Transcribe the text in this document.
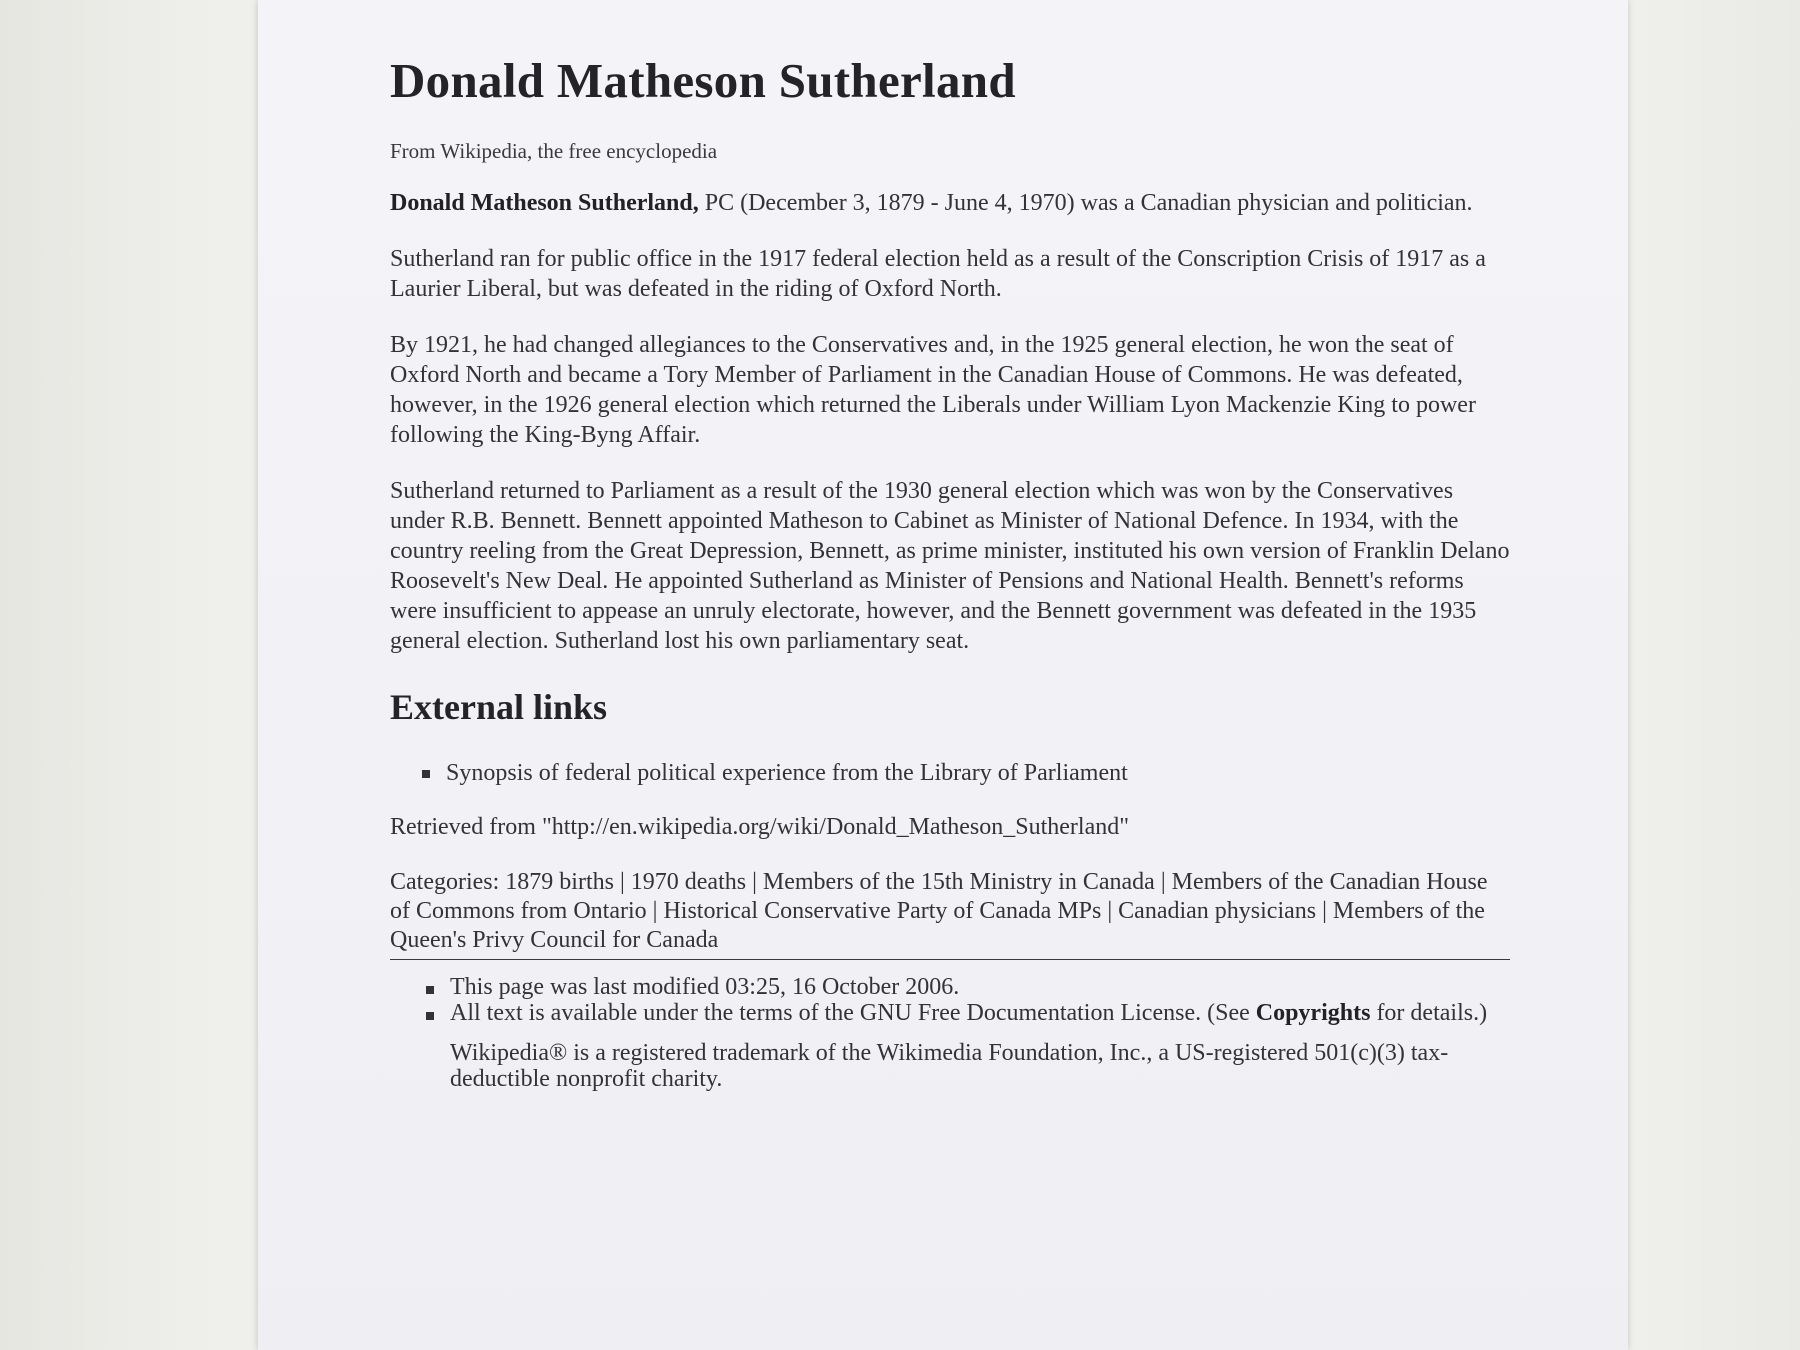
Donald Matheson Sutherland
From Wikipedia, the free encyclopedia

Donald Matheson Sutherland, PC (December 3, 1879 - June 4, 1970) was a Canadian physician and politician.

Sutherland ran for public office in the 1917 federal election held as a result of the Conscription Crisis of 1917 as a Laurier Liberal, but was defeated in the riding of Oxford North.

By 1921, he had changed allegiances to the Conservatives and, in the 1925 general election, he won the seat of Oxford North and became a Tory Member of Parliament in the Canadian House of Commons. He was defeated, however, in the 1926 general election which returned the Liberals under William Lyon Mackenzie King to power following the King-Byng Affair.

Sutherland returned to Parliament as a result of the 1930 general election which was won by the Conservatives under R.B. Bennett. Bennett appointed Matheson to Cabinet as Minister of National Defence. In 1934, with the country reeling from the Great Depression, Bennett, as prime minister, instituted his own version of Franklin Delano Roosevelt's New Deal. He appointed Sutherland as Minister of Pensions and National Health. Bennett's reforms were insufficient to appease an unruly electorate, however, and the Bennett government was defeated in the 1935 general election. Sutherland lost his own parliamentary seat.

External links
Synopsis of federal political experience from the Library of Parliament

Retrieved from "http://en.wikipedia.org/wiki/Donald_Matheson_Sutherland"

Categories: 1879 births | 1970 deaths | Members of the 15th Ministry in Canada | Members of the Canadian House of Commons from Ontario | Historical Conservative Party of Canada MPs | Canadian physicians | Members of the Queen's Privy Council for Canada

This page was last modified 03:25, 16 October 2006.
All text is available under the terms of the GNU Free Documentation License. (See Copyrights for details.)
Wikipedia® is a registered trademark of the Wikimedia Foundation, Inc., a US-registered 501(c)(3) tax-deductible nonprofit charity.
